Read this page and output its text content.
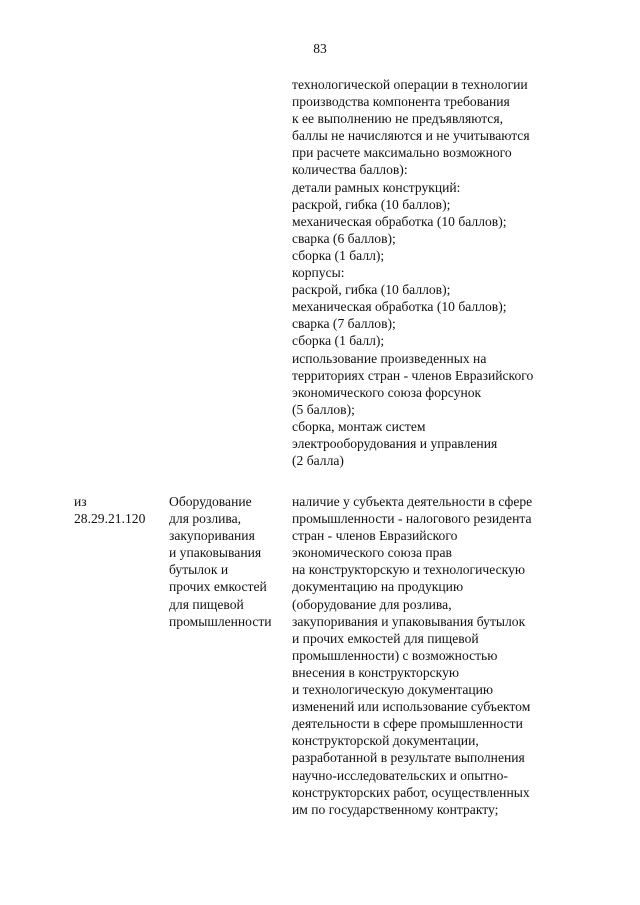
83
технологической операции в технологии
производства компонента требования
к ее выполнению не предъявляются,
баллы не начисляются и не учитываются
при расчете максимально возможного
количества баллов):
детали рамных конструкций:
раскрой, гибка (10 баллов);
механическая обработка (10 баллов);
сварка (6 баллов);
сборка (1 балл);
корпусы:
раскрой, гибка (10 баллов);
механическая обработка (10 баллов);
сварка (7 баллов);
сборка (1 балл);
использование произведенных на
территориях стран - членов Евразийского
экономического союза форсунок
(5 баллов);
сборка, монтаж систем
электрооборудования и управления
(2 балла)
из
28.29.21.120
Оборудование
для розлива,
закупоривания
и упаковывания
бутылок и
прочих емкостей
для пищевой
промышленности
наличие у субъекта деятельности в сфере
промышленности - налогового резидента
стран - членов Евразийского
экономического союза прав
на конструкторскую и технологическую
документацию на продукцию
(оборудование для розлива,
закупоривания и упаковывания бутылок
и прочих емкостей для пищевой
промышленности) с возможностью
внесения в конструкторскую
и технологическую документацию
изменений или использование субъектом
деятельности в сфере промышленности
конструкторской документации,
разработанной в результате выполнения
научно-исследовательских и опытно-
конструкторских работ, осуществленных
им по государственному контракту;
